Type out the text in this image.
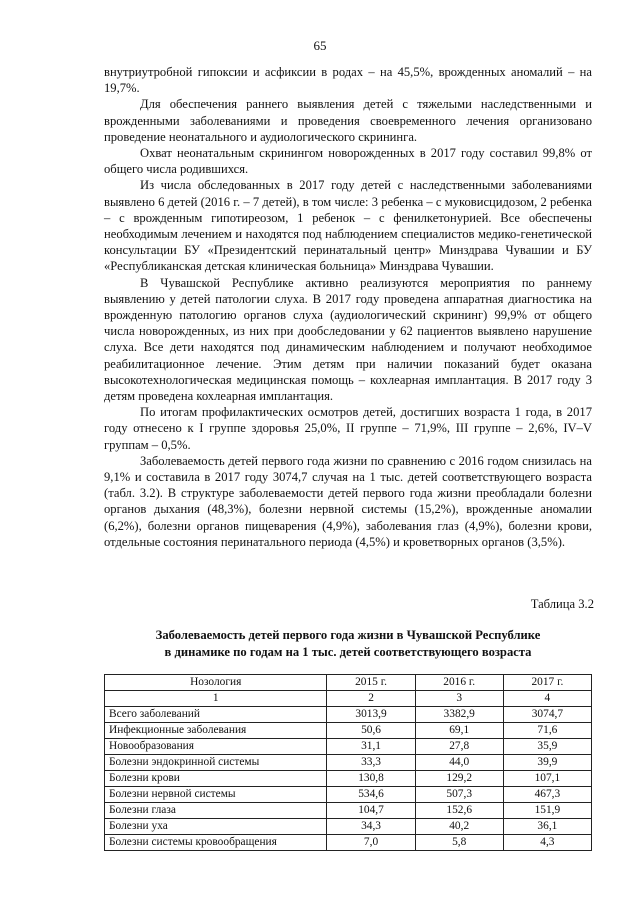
65

внутриутробной гипоксии и асфиксии в родах – на 45,5%, врожденных аномалий – на 19,7%.

Для обеспечения раннего выявления детей с тяжелыми наследственными и врожденными заболеваниями и проведения своевременного лечения организовано проведение неонатального и аудиологического скрининга.

Охват неонатальным скринингом новорожденных в 2017 году составил 99,8% от общего числа родившихся.

Из числа обследованных в 2017 году детей с наследственными заболеваниями выявлено 6 детей (2016 г. – 7 детей), в том числе: 3 ребенка – с муковисцидозом, 2 ребенка – с врожденным гипотиреозом, 1 ребенок – с фенилкетонурией. Все обеспечены необходимым лечением и находятся под наблюдением специалистов медико-генетической консультации БУ «Президентский перинатальный центр» Минздрава Чувашии и БУ «Республиканская детская клиническая больница» Минздрава Чувашии.

В Чувашской Республике активно реализуются мероприятия по раннему выявлению у детей патологии слуха. В 2017 году проведена аппаратная диагностика на врожденную патологию органов слуха (аудиологический скрининг) 99,9% от общего числа новорожденных, из них при дообследовании у 62 пациентов выявлено нарушение слуха. Все дети находятся под динамическим наблюдением и получают необходимое реабилитационное лечение. Этим детям при наличии показаний будет оказана высокотехнологическая медицинская помощь – кохлеарная имплантация. В 2017 году 3 детям проведена кохлеарная имплантация.

По итогам профилактических осмотров детей, достигших возраста 1 года, в 2017 году отнесено к I группе здоровья 25,0%, II группе – 71,9%, III группе – 2,6%, IV–V группам – 0,5%.

Заболеваемость детей первого года жизни по сравнению с 2016 годом снизилась на 9,1% и составила в 2017 году 3074,7 случая на 1 тыс. детей соответствующего возраста (табл. 3.2). В структуре заболеваемости детей первого года жизни преобладали болезни органов дыхания (48,3%), болезни нервной системы (15,2%), врожденные аномалии (6,2%), болезни органов пищеварения (4,9%), заболевания глаз (4,9%), болезни крови, отдельные состояния перинатального периода (4,5%) и кроветворных органов (3,5%).

Таблица 3.2
Заболеваемость детей первого года жизни в Чувашской Республике
в динамике по годам на 1 тыс. детей соответствующего возраста
Нозология	2015 г.	2016 г.	2017 г.
1	2	3	4
Всего заболеваний	3013,9	3382,9	3074,7
Инфекционные заболевания	50,6	69,1	71,6
Новообразования	31,1	27,8	35,9
Болезни эндокринной системы	33,3	44,0	39,9
Болезни крови	130,8	129,2	107,1
Болезни нервной системы	534,6	507,3	467,3
Болезни глаза	104,7	152,6	151,9
Болезни уха	34,3	40,2	36,1
Болезни системы кровообращения	7,0	5,8	4,3
